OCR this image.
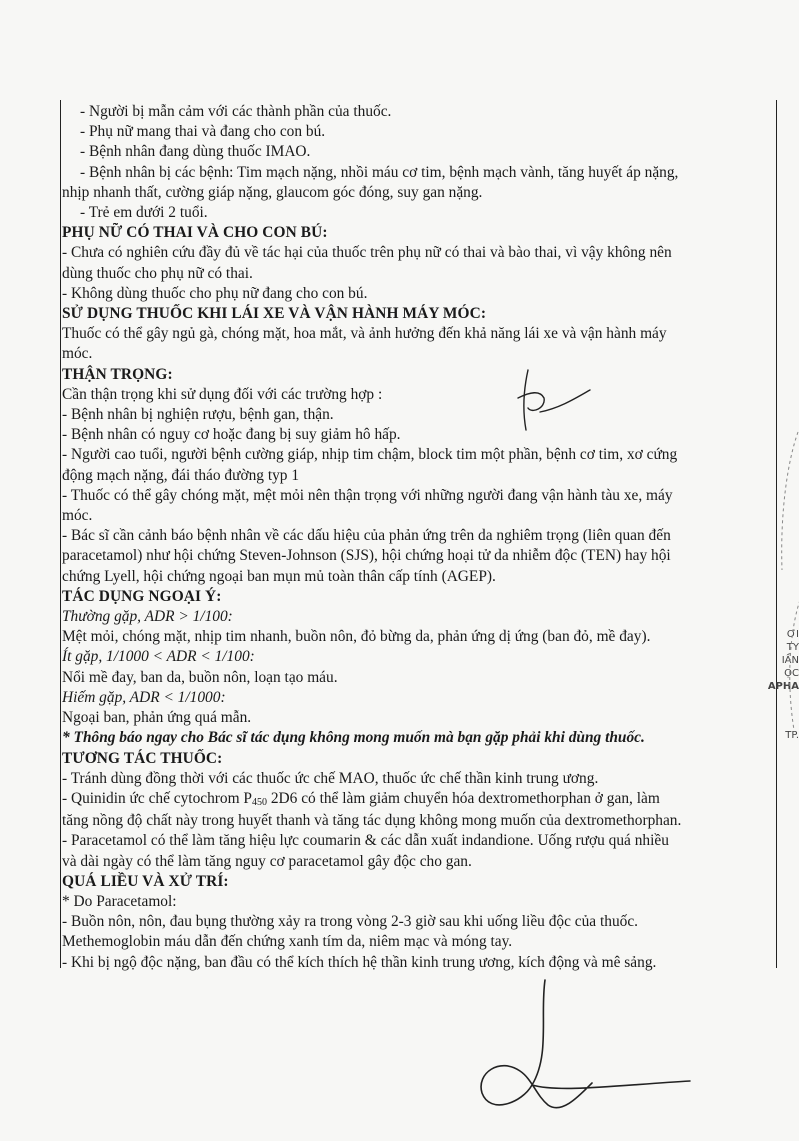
- Người bị mẫn cảm với các thành phần của thuốc.
- Phụ nữ mang thai và đang cho con bú.
- Bệnh nhân đang dùng thuốc IMAO.
- Bệnh nhân bị các bệnh: Tim mạch nặng, nhồi máu cơ tim, bệnh mạch vành, tăng huyết áp nặng,
nhịp nhanh thất, cường giáp nặng, glaucom góc đóng, suy gan nặng.
- Trẻ em dưới 2 tuổi.
PHỤ NỮ CÓ THAI VÀ CHO CON BÚ:
- Chưa có nghiên cứu đầy đủ về tác hại của thuốc trên phụ nữ có thai và bào thai, vì vậy không nên
dùng thuốc cho phụ nữ có thai.
- Không dùng thuốc cho phụ nữ đang cho con bú.
SỬ DỤNG THUỐC KHI LÁI XE VÀ VẬN HÀNH MÁY MÓC:
Thuốc có thể gây ngủ gà, chóng mặt, hoa mắt, và ảnh hưởng đến khả năng lái xe và vận hành máy
móc.
THẬN TRỌNG:
Cần thận trọng khi sử dụng đối với các trường hợp :
- Bệnh nhân bị nghiện rượu, bệnh gan, thận.
- Bệnh nhân có nguy cơ hoặc đang bị suy giảm hô hấp.
- Người cao tuổi, người bệnh cường giáp, nhịp tim chậm, block tim một phần, bệnh cơ tim, xơ cứng
động mạch nặng, đái tháo đường typ 1
- Thuốc có thể gây chóng mặt, mệt mỏi nên thận trọng với những người đang vận hành tàu xe, máy
móc.
- Bác sĩ cần cảnh báo bệnh nhân về các dấu hiệu của phản ứng trên da nghiêm trọng (liên quan đến
paracetamol) như hội chứng Steven-Johnson (SJS), hội chứng hoại tử da nhiễm độc (TEN) hay hội
chứng Lyell, hội chứng ngoại ban mụn mủ toàn thân cấp tính (AGEP).
TÁC DỤNG NGOẠI Ý:
Thường gặp, ADR > 1/100:
Mệt mỏi, chóng mặt, nhịp tim nhanh, buồn nôn, đỏ bừng da, phản ứng dị ứng (ban đỏ, mề đay).
Ít gặp, 1/1000 < ADR < 1/100:
Nổi mề đay, ban da, buồn nôn, loạn tạo máu.
Hiếm gặp, ADR < 1/1000:
Ngoại ban, phản ứng quá mẫn.
* Thông báo ngay cho Bác sĩ tác dụng không mong muốn mà bạn gặp phải khi dùng thuốc.
TƯƠNG TÁC THUỐC:
- Tránh dùng đồng thời với các thuốc ức chế MAO, thuốc ức chế thần kinh trung ương.
- Quinidin ức chế cytochrom P450 2D6 có thể làm giảm chuyển hóa dextromethorphan ở gan, làm
tăng nồng độ chất này trong huyết thanh và tăng tác dụng không mong muốn của dextromethorphan.
- Paracetamol có thể làm tăng hiệu lực coumarin & các dẫn xuất indandione. Uống rượu quá nhiều
và dài ngày có thể làm tăng nguy cơ paracetamol gây độc cho gan.
QUÁ LIỀU VÀ XỬ TRÍ:
* Do Paracetamol:
- Buồn nôn, nôn, đau bụng thường xảy ra trong vòng 2-3 giờ sau khi uống liều độc của thuốc.
Methemoglobin máu dẫn đến chứng xanh tím da, niêm mạc và móng tay.
- Khi bị ngộ độc nặng, ban đầu có thể kích thích hệ thần kinh trung ương, kích động và mê sảng.
ƠI
TY
IẦN
ỌC
APHA
TP.
